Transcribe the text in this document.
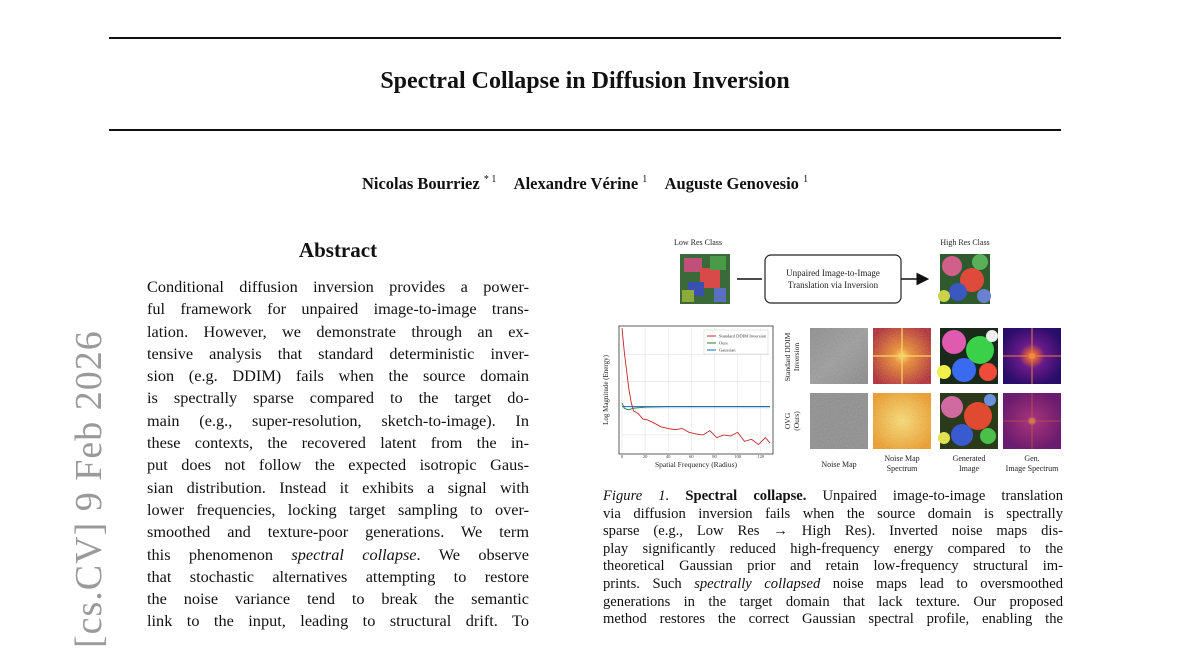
Spectral Collapse in Diffusion Inversion
Nicolas Bourriez $^{* 1}$ Alexandre Vérine $^1$ Auguste Genovesio $^1$
[cs.CV] 9 Feb 2026
Abstract
Conditional diffusion inversion provides a power-
ful framework for unpaired image-to-image trans-
lation. However, we demonstrate through an ex-
tensive analysis that standard deterministic inver-
sion (e.g. DDIM) fails when the source domain
is spectrally sparse compared to the target do-
main (e.g., super-resolution, sketch-to-image). In
these contexts, the recovered latent from the in-
put does not follow the expected isotropic Gaus-
sian distribution. Instead it exhibits a signal with
lower frequencies, locking target sampling to over-
smoothed and texture-poor generations. We term
this phenomenon spectral collapse. We observe
that stochastic alternatives attempting to restore
the noise variance tend to break the semantic
link to the input, leading to structural drift. To
Low Res Class
Unpaired Image-to-Image
Translation via Inversion
High Res Class
Standard DDIM Inversion
Ours
Gaussian
0	20	40	60	80	100	120
Spatial Frequency (Radius)
Log Magnitude (Energy)	Standard DDIM Inversion
OVG (Ours)
Noise Map
Noise Map
Spectrum
Generated
Image
Gen.
Image Spectrum
Figure 1. Spectral collapse. Unpaired image-to-image translation
via diffusion inversion fails when the source domain is spectrally
sparse (e.g., Low Res → High Res). Inverted noise maps dis-
play significantly reduced high-frequency energy compared to the
theoretical Gaussian prior and retain low-frequency structural im-
prints. Such spectrally collapsed noise maps lead to oversmoothed
generations in the target domain that lack texture. Our proposed
method restores the correct Gaussian spectral profile, enabling the
